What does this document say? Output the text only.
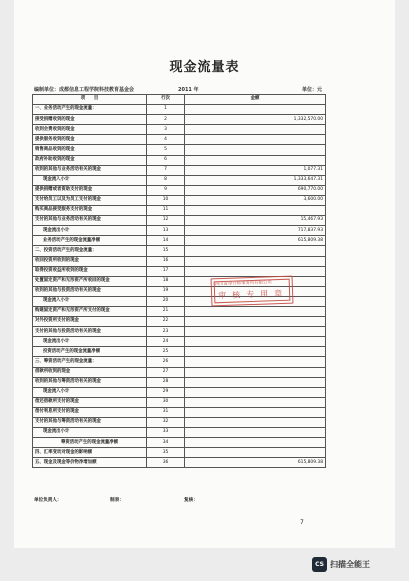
现金流量表
编制单位：成都信息工程学院科技教育基金会	2011 年	单位：元
项　　目	行次	金额
一、业务活动产生的现金流量：	1	
接受捐赠收到的现金	2	1,332,570.00
收到会费收到的现金	3	
提供服务收到的现金	4	
销售商品收到的现金	5	
政府补助收到的现金	6	
收到的其他与业务活动有关的现金	7	1,077.31
现金流入小计	8	1,333,647.31
提供捐赠或者资助支付的现金	9	690,770.00
支付给员工以及为员工支付的现金	10	3,600.00
购买商品接受服务支付的现金	11	
支付的其他与业务活动有关的现金	12	15,467.93
现金流出小计	13	717,837.93
业务活动产生的现金流量净额	14	615,809.38
二、投资活动产生的现金流量：	15	
收回投资所收到的现金	16	
取得投资收益所收到的现金	17	
处置固定资产和无形资产所收回的现金	18	
收到的其他与投资活动有关的现金	19	
现金流入小计	20	
购建固定资产和无形资产所支付的现金	21	
对外投资所支付的现金	22	
支付的其他与投资活动有关的现金	23	
现金流出小计	24	
投资活动产生的现金流量净额	25	
三、筹资活动产生的现金流量：	26	
借款所收到的现金	27	
收到的其他与筹资活动有关的现金	28	
现金流入小计	29	
偿还借款所支付的现金	30	
偿付利息所支付的现金	31	
支付的其他与筹资活动有关的现金	32	
现金流出小计	33	
筹资活动产生的现金流量净额	34	
四、汇率变动对现金的影响额	35	
五、现金及现金等价物净增加额	36	615,809.38
四川省审计师事务所有限公司
审核专用章
单位负责人：	制表：	复核：
7
CS 扫描全能王
